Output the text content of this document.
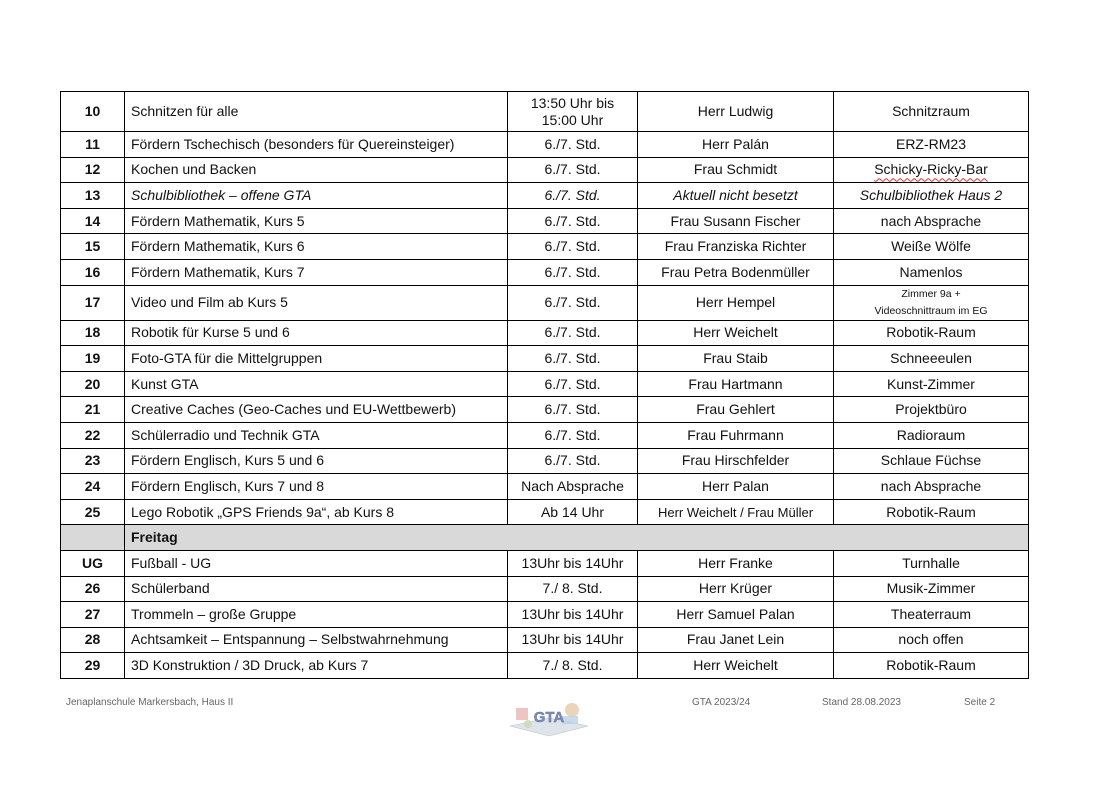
10	Schnitzen für alle	13:50 Uhr bis
15:00 Uhr	Herr Ludwig	Schnitzraum
11	Fördern Tschechisch (besonders für Quereinsteiger)	6./7. Std.	Herr Palán	ERZ-RM23
12	Kochen und Backen	6./7. Std.	Frau Schmidt	Schicky-Ricky-Bar
13	Schulbibliothek – offene GTA	6./7. Std.	Aktuell nicht besetzt	Schulbibliothek Haus 2
14	Fördern Mathematik, Kurs 5	6./7. Std.	Frau Susann Fischer	nach Absprache
15	Fördern Mathematik, Kurs 6	6./7. Std.	Frau Franziska Richter	Weiße Wölfe
16	Fördern Mathematik, Kurs 7	6./7. Std.	Frau Petra Bodenmüller	Namenlos
17	Video und Film ab Kurs 5	6./7. Std.	Herr Hempel	Zimmer 9a +
Videoschnittraum im EG
18	Robotik für Kurse 5 und 6	6./7. Std.	Herr Weichelt	Robotik-Raum
19	Foto-GTA für die Mittelgruppen	6./7. Std.	Frau Staib	Schneeeulen
20	Kunst GTA	6./7. Std.	Frau Hartmann	Kunst-Zimmer
21	Creative Caches (Geo-Caches und EU-Wettbewerb)	6./7. Std.	Frau Gehlert	Projektbüro
22	Schülerradio und Technik GTA	6./7. Std.	Frau Fuhrmann	Radioraum
23	Fördern Englisch, Kurs 5 und 6	6./7. Std.	Frau Hirschfelder	Schlaue Füchse
24	Fördern Englisch, Kurs 7 und 8	Nach Absprache	Herr Palan	nach Absprache
25	Lego Robotik „GPS Friends 9a“, ab Kurs 8	Ab 14 Uhr	Herr Weichelt / Frau Müller	Robotik-Raum
	Freitag			
UG	Fußball - UG	13Uhr bis 14Uhr	Herr Franke	Turnhalle
26	Schülerband	7./ 8. Std.	Herr Krüger	Musik-Zimmer
27	Trommeln – große Gruppe	13Uhr bis 14Uhr	Herr Samuel Palan	Theaterraum
28	Achtsamkeit – Entspannung – Selbstwahrnehmung	13Uhr bis 14Uhr	Frau Janet Lein	noch offen
29	3D Konstruktion / 3D Druck, ab Kurs 7	7./ 8. Std.	Herr Weichelt	Robotik-Raum
Jenaplanschule Markersbach, Haus II	GTA 2023/24	Stand 28.08.2023	Seite 2
GTA
